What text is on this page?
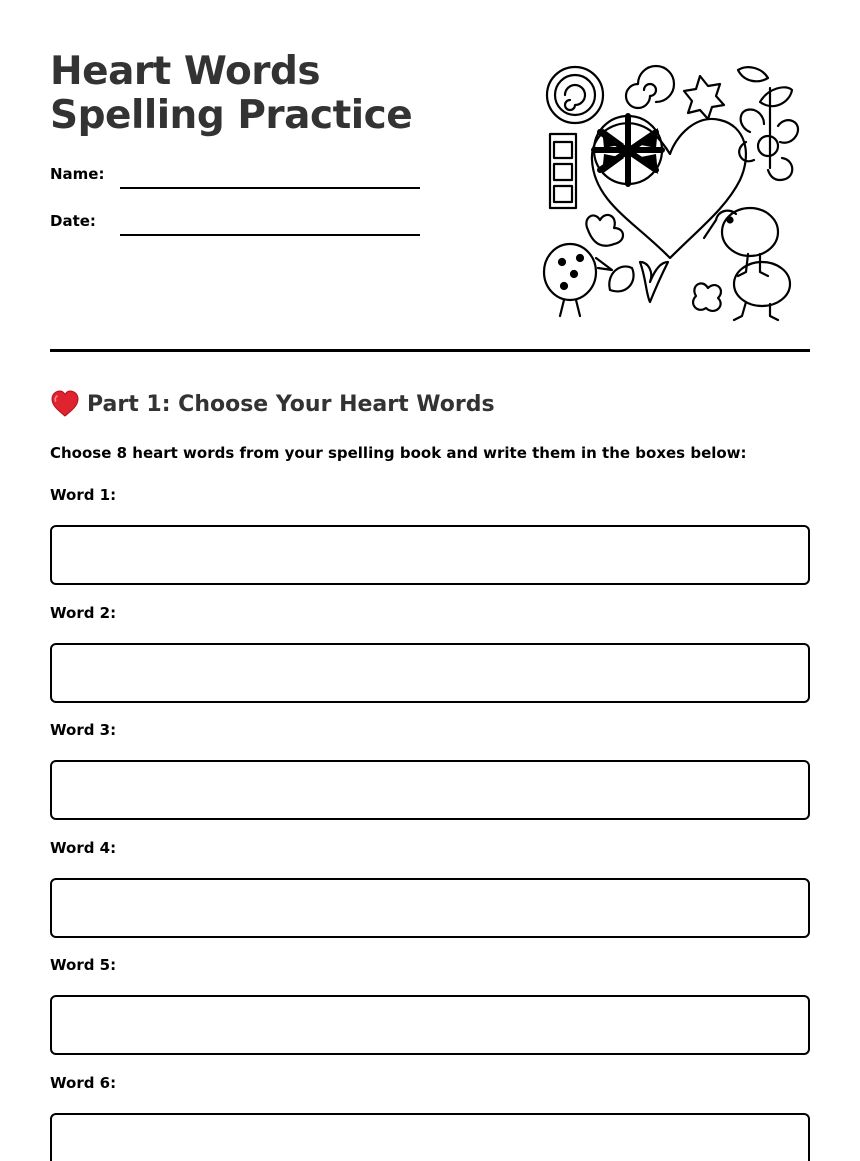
Heart Words Spelling Practice
Name:
Date:
Part 1: Choose Your Heart Words
Choose 8 heart words from your spelling book and write them in the boxes below:
Word 1:
Word 2:
Word 3:
Word 4:
Word 5:
Word 6:
